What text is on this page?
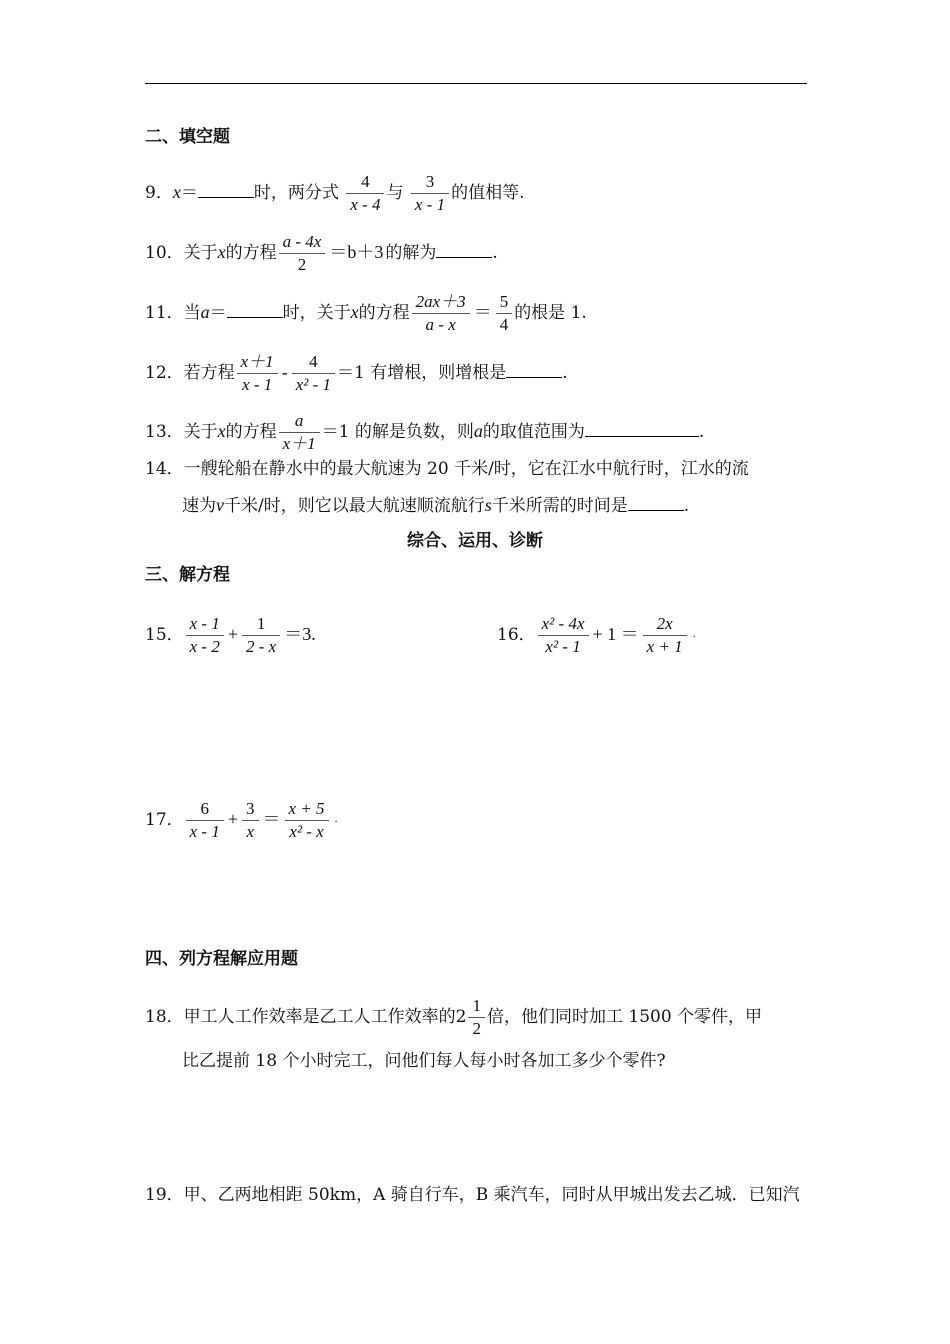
二、填空题
9．x＝	时，两分式 $\frac{4}{x - 4}$ 与 $\frac{3}{x - 1}$ 的值相等.
10．关于x的方程 $\frac{a - 4x}{2} =b+3$ 的解为	.
11．当a＝	时，关于x的方程 $\frac{2ax+3}{a - x} = \frac{5}{4}$ 的根是 1.
12．若方程 $\frac{x+1}{x - 1} - \frac{4}{\text{x² - 1}} =1$ 有增根，则增根是	.
13．关于x的方程 $\frac{a}{x+1} =1$ 的解是负数，则a的取值范围为	.
14．一艘轮船在静水中的最大航速为 20 千米/时，它在江水中航行时，江水的流
速为v千米/时，则它以最大航速顺流航行s千米所需的时间是	.
综合、运用、诊断
三、解方程
15． $\frac{x - 1}{x - 2} + \frac{1}{2 - x} =3$.	16． $\frac{\text{x² - 4x}}{\text{x² - 1}} + 1 = \frac{2x}{x + 1}$ ·
17． $\frac{6}{x - 1} + \frac{3}{x} = \frac{x + 5}{\text{x² - x}}$ ·
四、列方程解应用题
18．甲工人工作效率是乙工人工作效率的$2 \frac{1}{2}$ 倍，他们同时加工 1500 个零件，甲
比乙提前 18 个小时完工，问他们每人每小时各加工多少个零件?
19．甲、乙两地相距 50km，A 骑自行车，B 乘汽车，同时从甲城出发去乙城．已知汽
